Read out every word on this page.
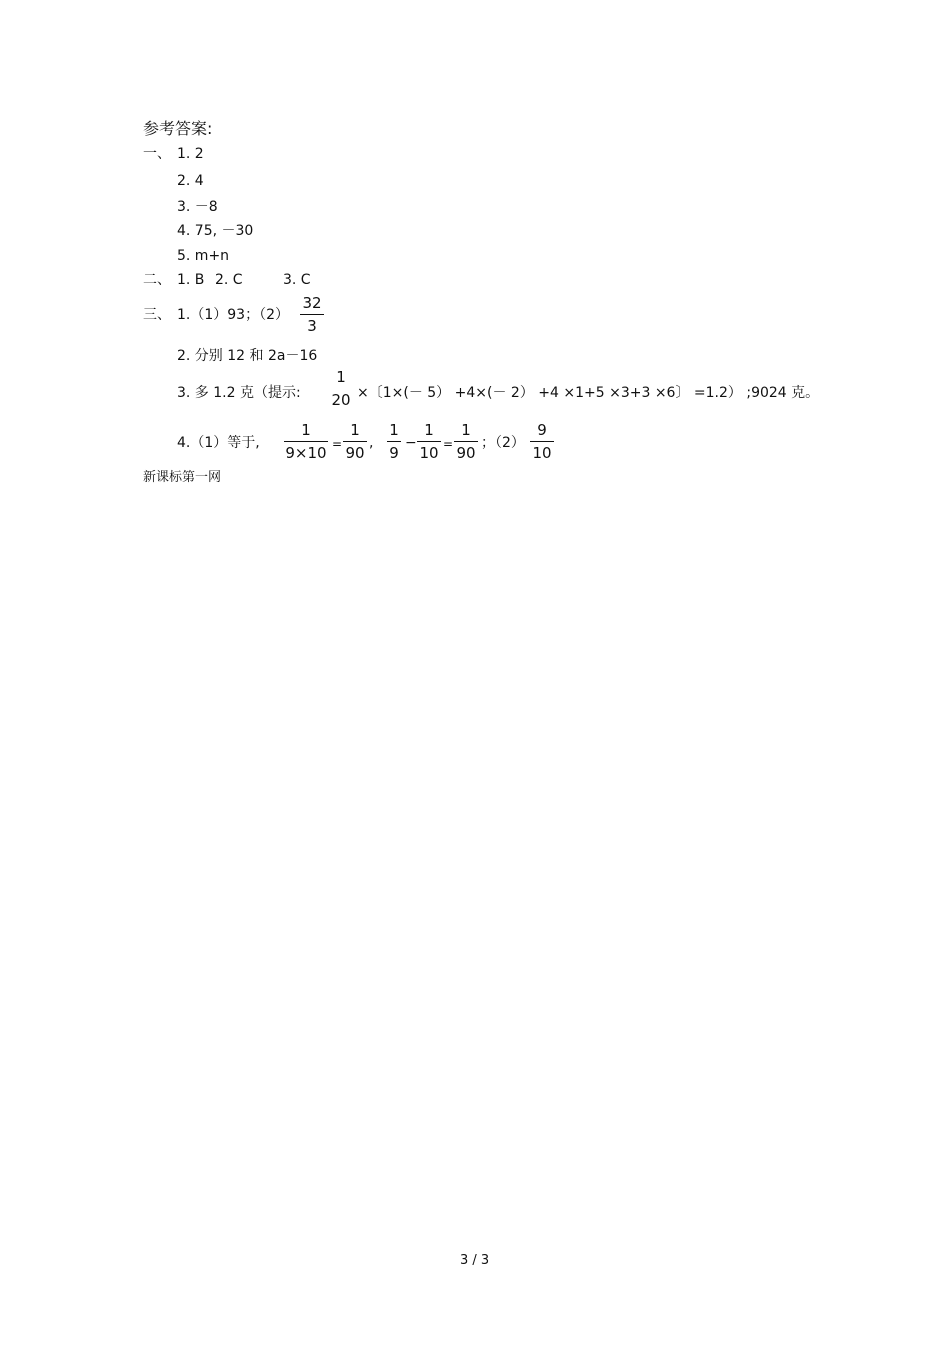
参考答案:
一、 1. 2
2. 4
3. －8
4. 75, －30
5. m+n
二、 1. B 2. C	3. C
三、 1.（1）93；（2）
32
3
2. 分别 12 和 2a－16
3. 多 1.2 克（提示:
1
20 ×〔1×(－ 5） +4×(－ 2） +4 ×1+5 ×3+3 ×6〕 =1.2） ;9024 克。
4.（1）等于,
1
9×10 =
1
90
,
1
9
−
1
10 =
1
90
；（2）
9
10
新课标第一网
3 / 3
